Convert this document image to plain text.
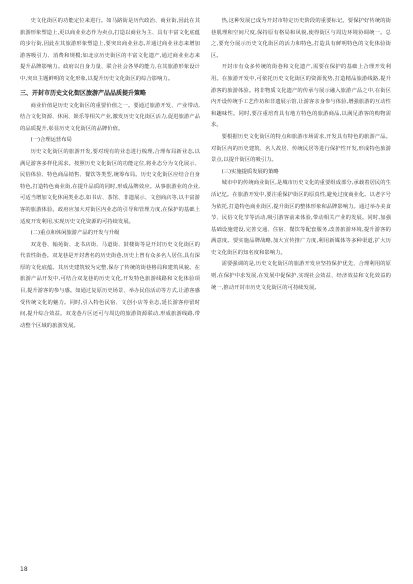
史文化街区的功能定位来进行。如马路街是历代政治、商业街,因此在其旅游形象塑造上,更以商业业态作为卖点,打造以商业为主、具有丰富文化底蕴的步行街,因此在其旅游形象塑造上,要突出商业业态,并通过商业业态来增加游客吸引力、消费和规模;如北京历史街区的丰富文化遗产,通过商业业态来提升品牌影响力。政府以自身力量、联合社会各界的能力,在其旅游形象设计中,突出主题鲜明的文化形象,以提升历史文化街区的综合影响力。

三、开封市历史文化街区旅游产品品质提升策略

商业价值是历史文化街区的重要价值之一。要通过旅游开发、产业带动,结合文化资源、休闲、娱乐等相关产业,激发历史文化街区活力,促进旅游产品的品质提升,彰显历史文化街区的品牌价值。

(一)合理运营布局

历史文化街区的旅游开发,要对现有的业态进行梳理,合理布局新业态,以满足游客多样化需求。按照历史文化街区的功能定位,将业态分为文化展示、民俗体验、特色商品销售、餐饮等类型,统筹布局。历史文化街区应结合自身特色,打造特色商业街,在提升品质的同时,形成品牌效应。从事旅游业的企业,可适当增加文化休闲类业态,如书店、茶馆、非遗展示、文创商店等,以丰富游客的旅游体验。政府应加大对街区内业态的引导和管理力度,在保护的基础上适度开发利用,实现历史文化资源的可持续发展。

(二)重点和休闲旅游产品的开发与升级

双龙巷、翰苑街、北书店街、马道街、鼓楼街等是开封历史文化街区的代表性街巷。双龙巷是开封著名的历史街巷,历史上曾有众多名人居住,具有深厚的文化底蕴。其历史建筑较为完整,保存了传统的街巷格局和建筑风貌。在旅游产品开发中,可结合双龙巷的历史文化,开发特色旅游线路和文化体验项目,提升游客的参与感。如通过复原历史场景、举办民俗活动等方式,让游客感受传统文化的魅力。同时,引入特色民宿、文创小店等业态,延长游客停留时间,提升综合效益。双龙巷片区还可与周边的旅游资源联动,形成旅游线路,带动整个区域的旅游发展。

热,这种发展已成为开封市特定历史阶段的重要标记。要保护好传统的街巷肌理和空间尺度,保持原有格局和风貌,使得街区与周边环境协调统一。总之,要充分展示历史文化街区的活力和特色,打造具有鲜明特色的文化体验街区。

开封市有众多传统的街巷和文化遗产,需要在保护的基础上合理开发利用。在旅游开发中,可依托历史文化街区的资源优势,打造精品旅游线路,提升游客的旅游体验。将非物质文化遗产的传承与展示融入旅游产品之中,在街区内开设传统手工艺作坊和非遗展示馆,让游客亲身参与体验,增强旅游的互动性和趣味性。同时,要注重培育具有地方特色的旅游商品,以满足游客的购物需求。

要根据历史文化街区的特点和旅游市场需求,开发具有特色的旅游产品。对街区内的历史建筑、名人故居、传统民居等进行保护性开发,形成特色旅游景点,以提升街区的吸引力。

(三)实施提质发展的策略

城市中的传统商业街区,是城市历史文化的重要组成部分,承载着居民的生活记忆。在旅游开发中,要注重保护街区的原真性,避免过度商业化。以老字号为依托,打造特色商业街区,提升街区的整体形象和品牌影响力。通过举办美食节、民俗文化节等活动,吸引游客前来体验,带动相关产业的发展。同时,加强基础设施建设,完善交通、住宿、餐饮等配套服务,改善旅游环境,提升游客的满意度。要实施品牌战略,加大宣传推广力度,利用新媒体等多种渠道,扩大历史文化街区的知名度和影响力。

需要强调的是,历史文化街区的旅游开发应坚持保护优先、合理利用的原则,在保护中求发展,在发展中促保护,实现社会效益、经济效益和文化效益的统一,推动开封市历史文化街区的可持续发展。

18
